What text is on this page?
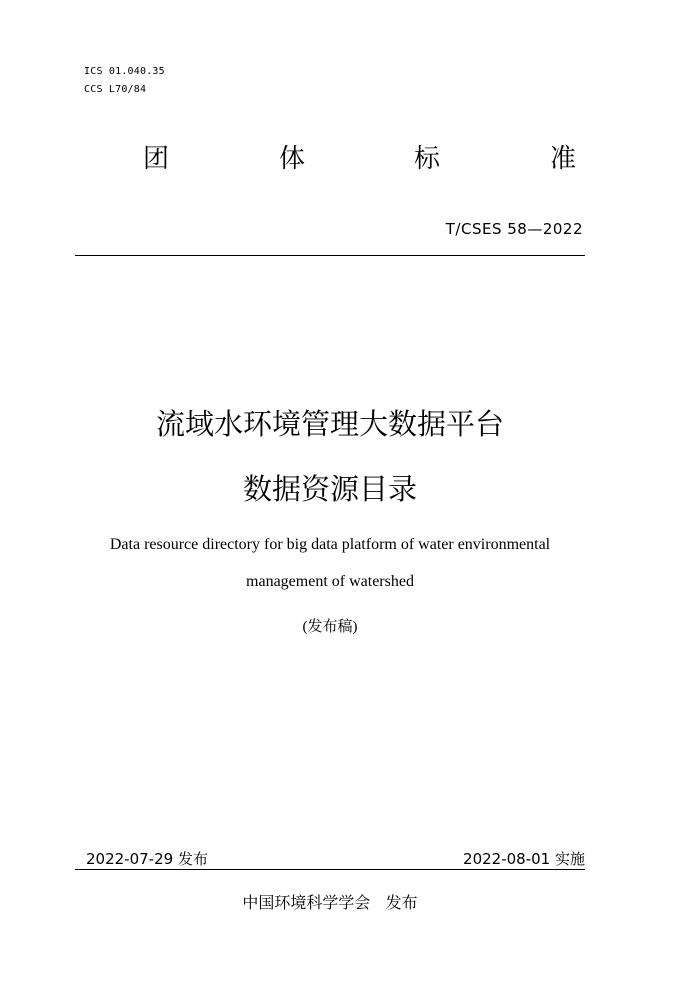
ICS 01.040.35
CCS L70/84
团	体	标	准
T/CSES 58—2022
流域水环境管理大数据平台
数据资源目录
Data resource directory for big data platform of water environmental
management of watershed
(发布稿)
2022-07-29 发布	2022-08-01 实施
中国环境科学学会   发布
